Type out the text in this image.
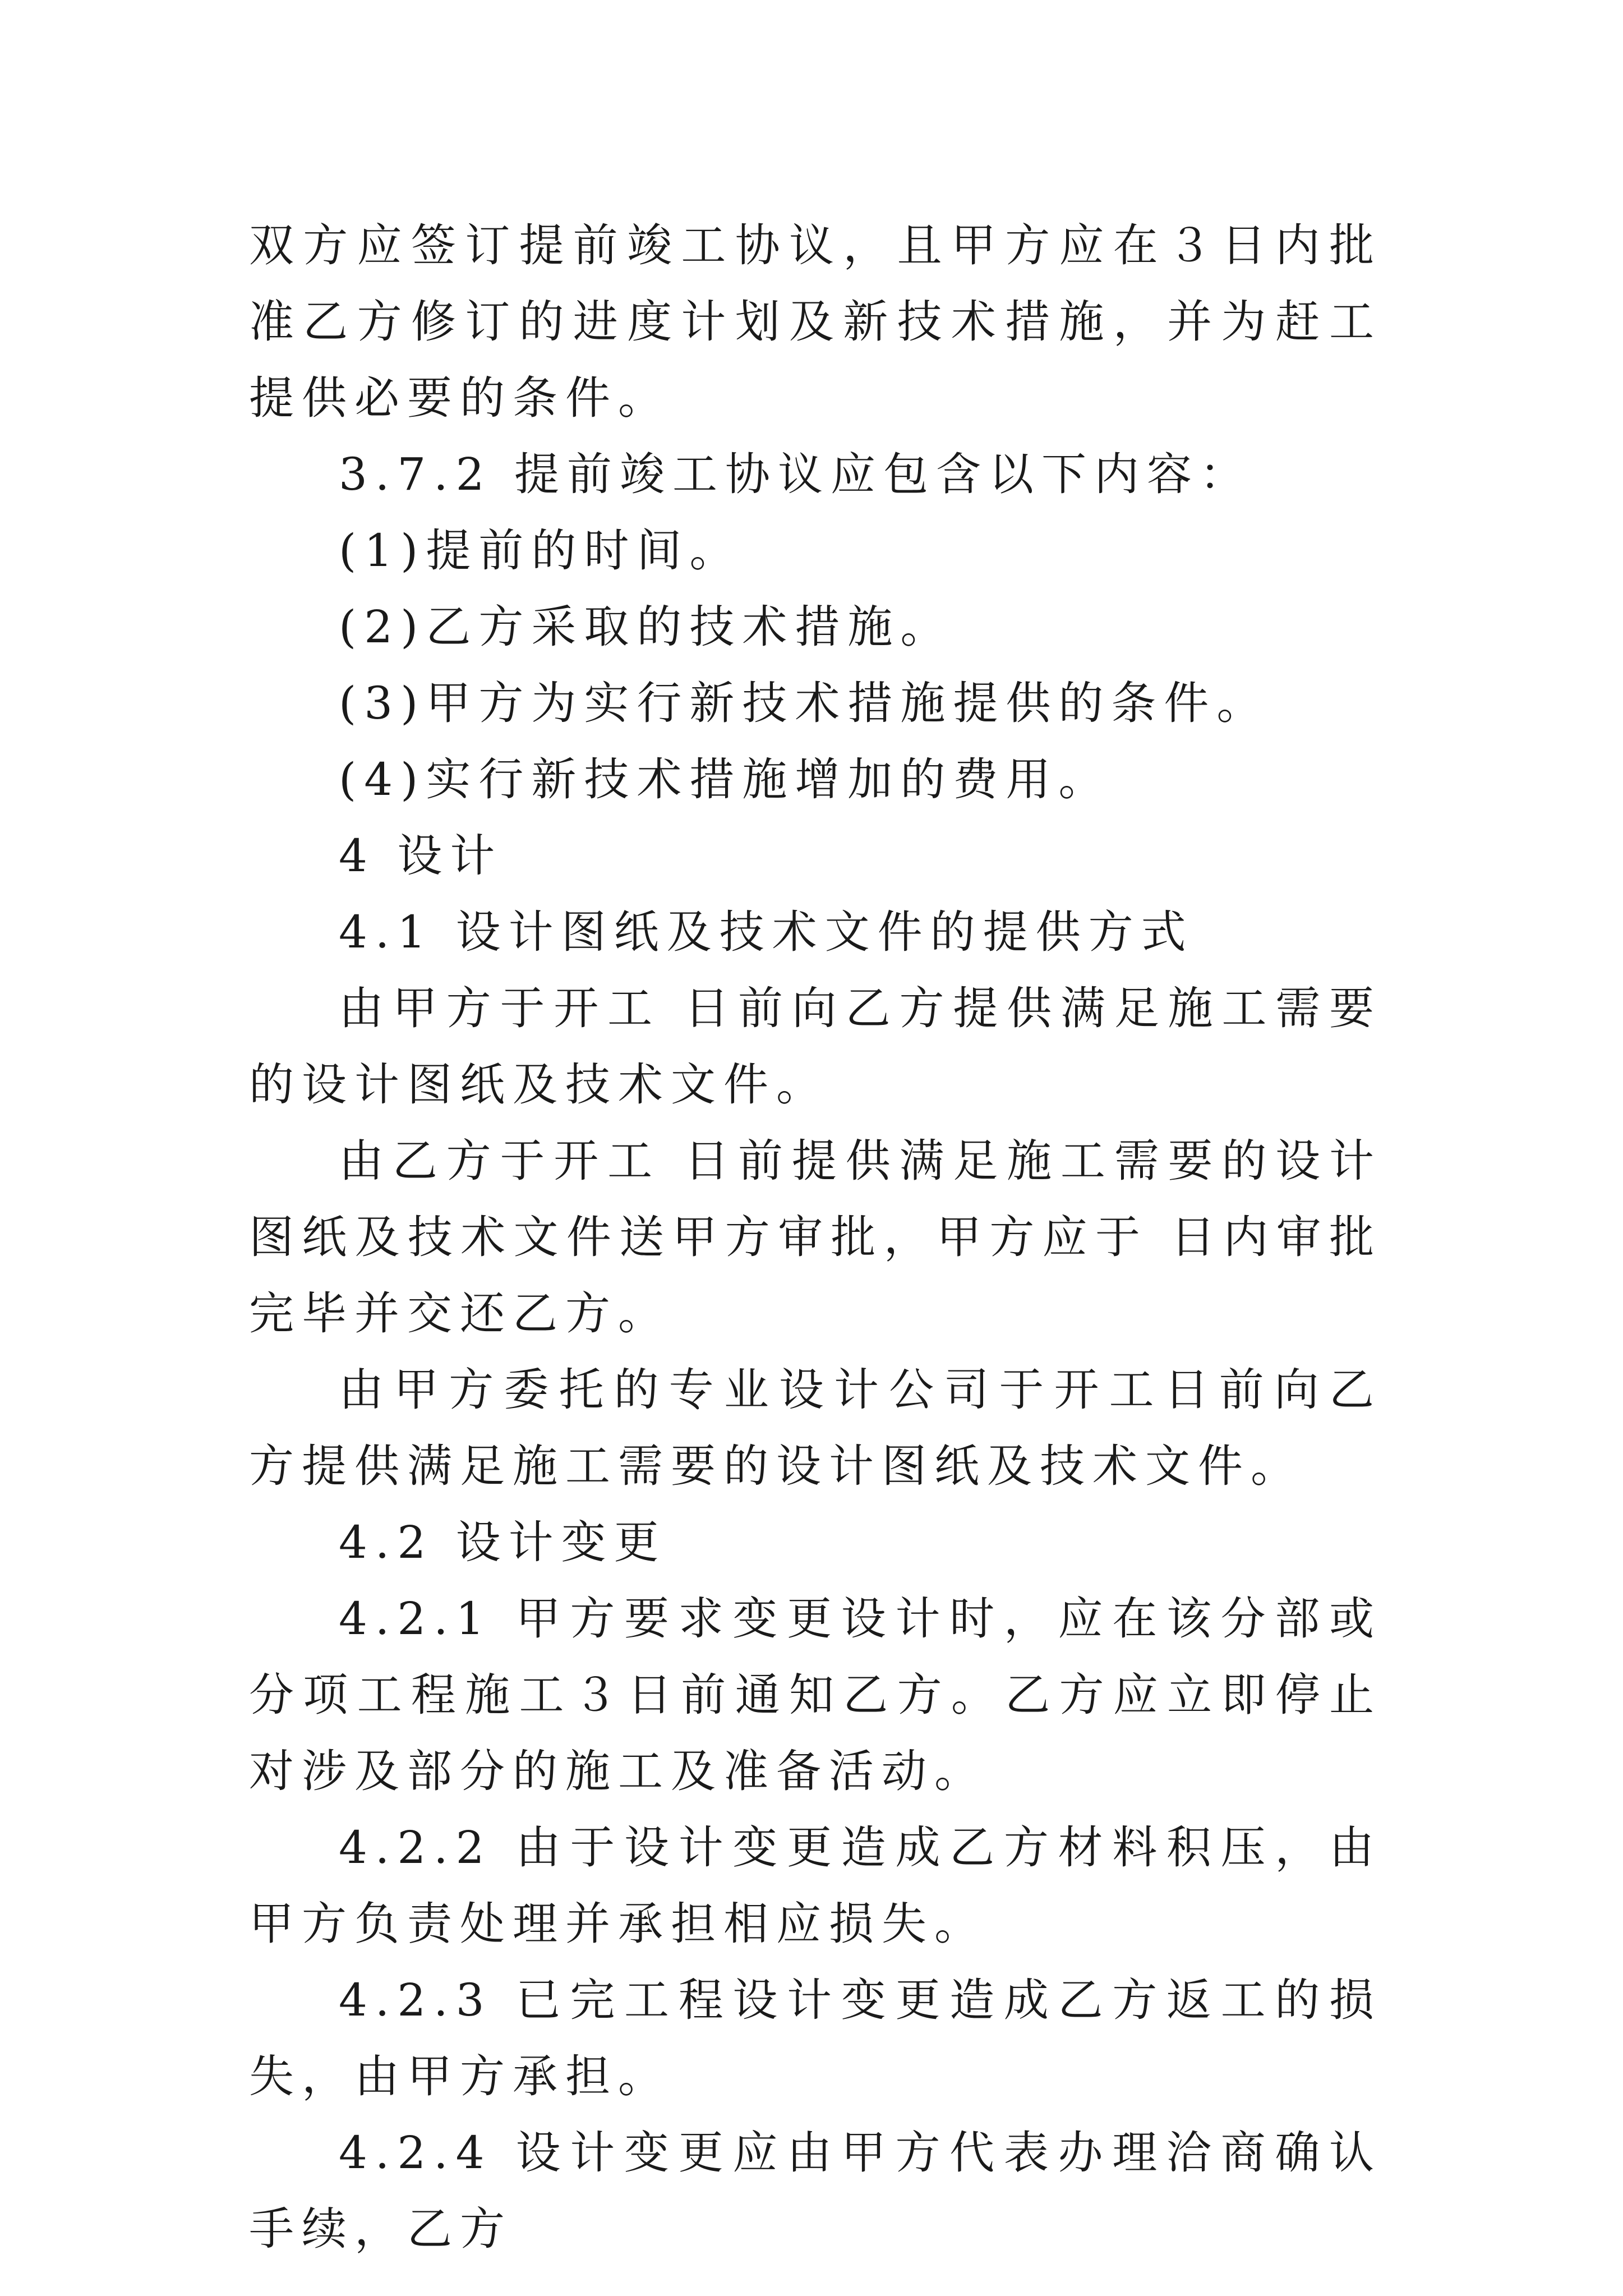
双方应签订提前竣工协议，且甲方应在３日内批准乙方修订的进度计划及新技术措施，并为赶工提供必要的条件。

3.7.2 提前竣工协议应包含以下内容：

(1)提前的时间。

(2)乙方采取的技术措施。

(3)甲方为实行新技术措施提供的条件。

(4)实行新技术措施增加的费用。

4 设计

4.1 设计图纸及技术文件的提供方式

由甲方于开工 日前向乙方提供满足施工需要的设计图纸及技术文件。

由乙方于开工 日前提供满足施工需要的设计图纸及技术文件送甲方审批，甲方应于 日内审批完毕并交还乙方。

由甲方委托的专业设计公司于开工日前向乙方提供满足施工需要的设计图纸及技术文件。

4.2 设计变更

4.2.1 甲方要求变更设计时，应在该分部或分项工程施工３日前通知乙方。乙方应立即停止对涉及部分的施工及准备活动。

4.2.2 由于设计变更造成乙方材料积压，由甲方负责处理并承担相应损失。

4.2.3 已完工程设计变更造成乙方返工的损失，由甲方承担。

4.2.4 设计变更应由甲方代表办理洽商确认手续，乙方
